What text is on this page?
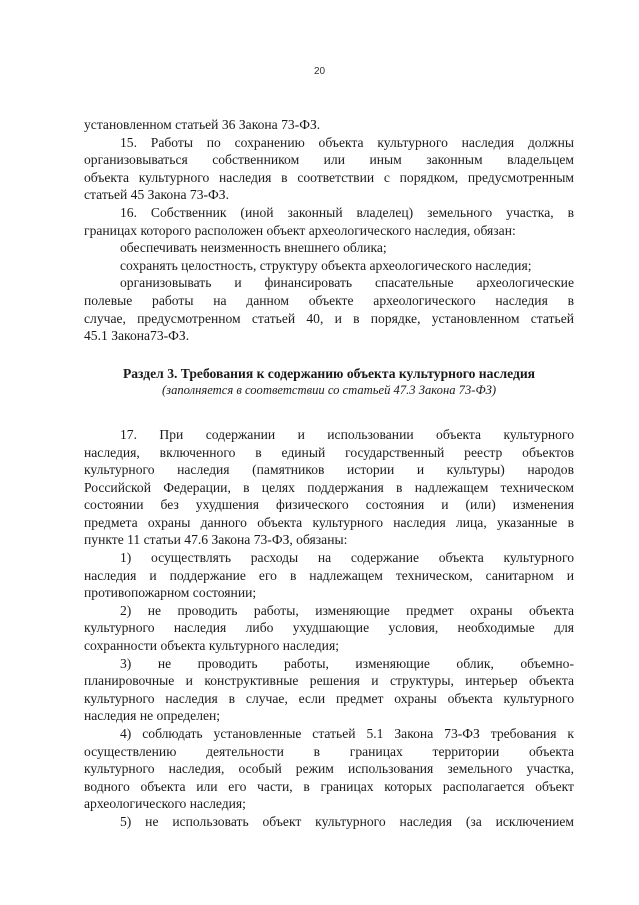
20
установленном статьей 36 Закона 73-ФЗ.
15. Работы по сохранению объекта культурного наследия должны
организовываться собственником или иным законным владельцем
объекта культурного наследия в соответствии с порядком, предусмотренным
статьей 45 Закона 73-ФЗ.
16. Собственник (иной законный владелец) земельного участка, в
границах которого расположен объект археологического наследия, обязан:
обеспечивать неизменность внешнего облика;
сохранять целостность, структуру объекта археологического наследия;
организовывать и финансировать спасательные археологические
полевые работы на данном объекте археологического наследия в
случае, предусмотренном статьей 40, и в порядке, установленном статьей
45.1 Закона73-ФЗ.
Раздел 3. Требования к содержанию объекта культурного наследия
(заполняется в соответствии со статьей 47.3 Закона 73-ФЗ)
17. При содержании и использовании объекта культурного
наследия, включенного в единый государственный реестр объектов
культурного наследия (памятников истории и культуры) народов
Российской Федерации, в целях поддержания в надлежащем техническом
состоянии без ухудшения физического состояния и (или) изменения
предмета охраны данного объекта культурного наследия лица, указанные в
пункте 11 статьи 47.6 Закона 73-ФЗ, обязаны:
1) осуществлять расходы на содержание объекта культурного
наследия и поддержание его в надлежащем техническом, санитарном и
противопожарном состоянии;
2) не проводить работы, изменяющие предмет охраны объекта
культурного наследия либо ухудшающие условия, необходимые для
сохранности объекта культурного наследия;
3) не проводить работы, изменяющие облик, объемно-
планировочные и конструктивные решения и структуры, интерьер объекта
культурного наследия в случае, если предмет охраны объекта культурного
наследия не определен;
4) соблюдать установленные статьей 5.1 Закона 73-ФЗ требования к
осуществлению деятельности в границах территории объекта
культурного наследия, особый режим использования земельного участка,
водного объекта или его части, в границах которых располагается объект
археологического наследия;
5) не использовать объект культурного наследия (за исключением
